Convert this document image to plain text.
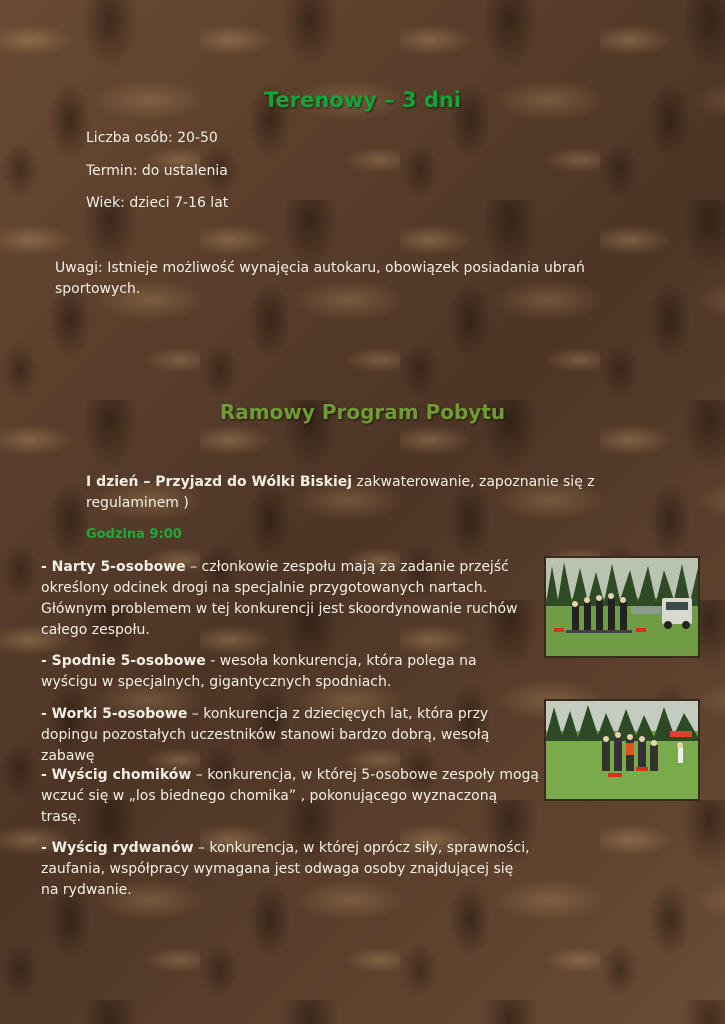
Terenowy – 3 dni
Liczba osób: 20-50
Termin: do ustalenia
Wiek: dzieci 7-16 lat
Uwagi: Istnieje możliwość wynajęcia autokaru, obowiązek posiadania ubrań sportowych.
Ramowy Program Pobytu
I dzień – Przyjazd do Wólki Biskiej zakwaterowanie, zapoznanie się z regulaminem )
Godzina 9:00
- Narty 5-osobowe – członkowie zespołu mają za zadanie przejść określony odcinek drogi na specjalnie przygotowanych nartach. Głównym problemem w tej konkurencji jest skoordynowanie ruchów całego zespołu.
- Spodnie 5-osobowe - wesoła konkurencja, która polega na wyścigu w specjalnych, gigantycznych spodniach.
- Worki 5-osobowe – konkurencja z dziecięcych lat, która przy dopingu pozostałych uczestników stanowi bardzo dobrą, wesołą zabawę
- Wyścig chomików – konkurencja, w której 5-osobowe zespoły mogą wczuć się w „los biednego chomika” , pokonującego wyznaczoną trasę.
- Wyścig rydwanów – konkurencja, w której oprócz siły, sprawności, zaufania, współpracy wymagana jest odwaga osoby znajdującej się na rydwanie.
